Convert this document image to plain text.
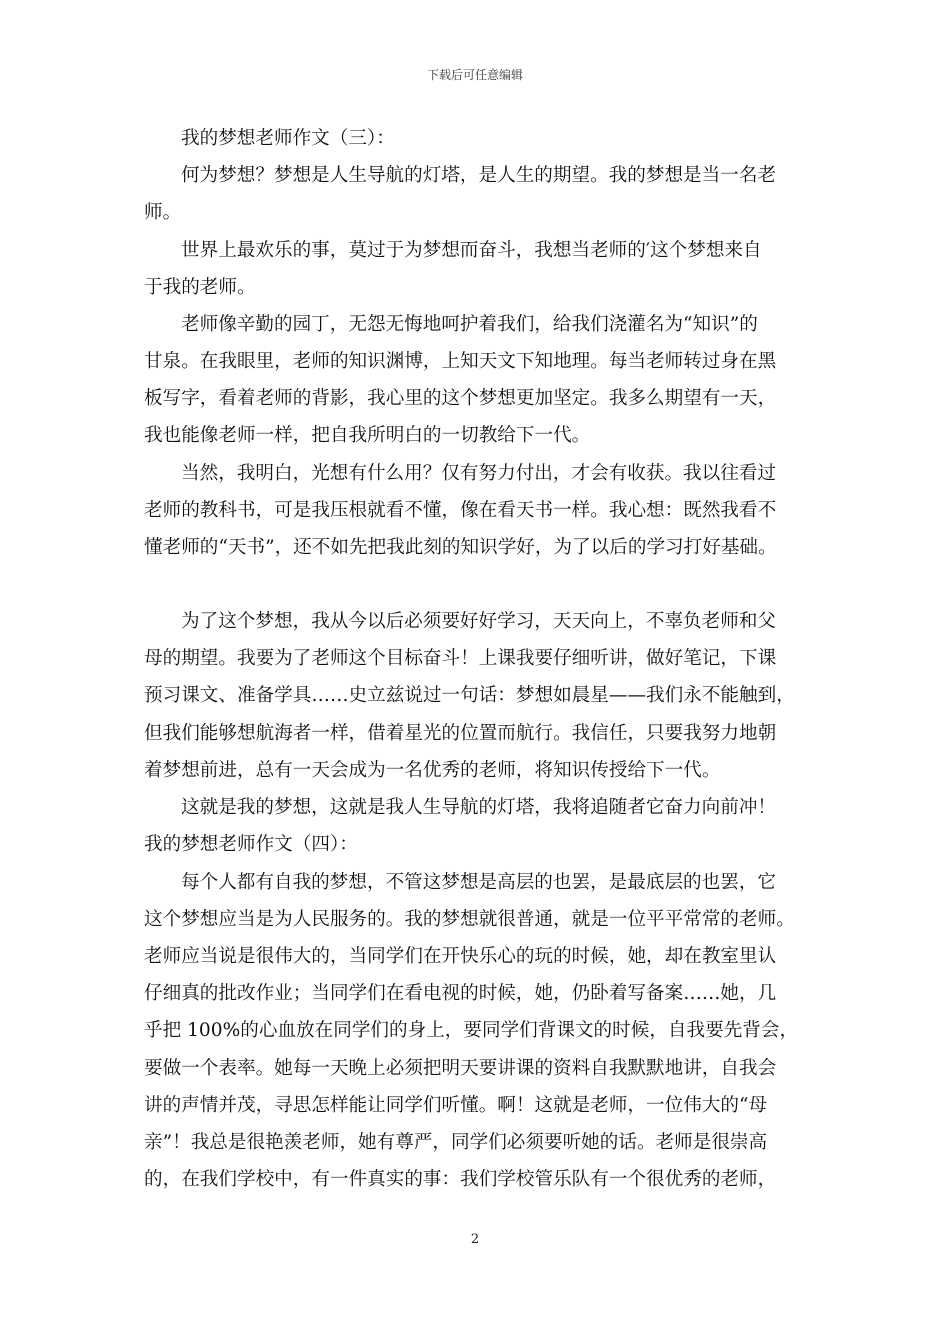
下载后可任意编辑
我的梦想老师作文（三）：
何为梦想？梦想是人生导航的灯塔，是人生的期望。我的梦想是当一名老
师。
世界上最欢乐的事，莫过于为梦想而奋斗，我想当老师的′这个梦想来自
于我的老师。
老师像辛勤的园丁，无怨无悔地呵护着我们，给我们浇灌名为“知识”的
甘泉。在我眼里，老师的知识渊博，上知天文下知地理。每当老师转过身在黑
板写字，看着老师的背影，我心里的这个梦想更加坚定。我多么期望有一天，
我也能像老师一样，把自我所明白的一切教给下一代。
当然，我明白，光想有什么用？仅有努力付出，才会有收获。我以往看过
老师的教科书，可是我压根就看不懂，像在看天书一样。我心想：既然我看不
懂老师的“天书”，还不如先把我此刻的知识学好，为了以后的学习打好基础。
为了这个梦想，我从今以后必须要好好学习，天天向上，不辜负老师和父
母的期望。我要为了老师这个目标奋斗！上课我要仔细听讲，做好笔记，下课
预习课文、准备学具……史立兹说过一句话：梦想如晨星——我们永不能触到，
但我们能够想航海者一样，借着星光的位置而航行。我信任，只要我努力地朝
着梦想前进，总有一天会成为一名优秀的老师，将知识传授给下一代。
这就是我的梦想，这就是我人生导航的灯塔，我将追随者它奋力向前冲！
我的梦想老师作文（四）：
每个人都有自我的梦想，不管这梦想是高层的也罢，是最底层的也罢，它
这个梦想应当是为人民服务的。我的梦想就很普通，就是一位平平常常的老师。
老师应当说是很伟大的，当同学们在开快乐心的玩的时候，她，却在教室里认
仔细真的批改作业；当同学们在看电视的时候，她，仍卧着写备案……她，几
乎把 100%的心血放在同学们的身上，要同学们背课文的时候，自我要先背会，
要做一个表率。她每一天晚上必须把明天要讲课的资料自我默默地讲，自我会
讲的声情并茂，寻思怎样能让同学们听懂。啊！这就是老师，一位伟大的“母
亲”！我总是很艳羡老师，她有尊严，同学们必须要听她的话。老师是很崇高
的，在我们学校中，有一件真实的事：我们学校管乐队有一个很优秀的老师，
2
